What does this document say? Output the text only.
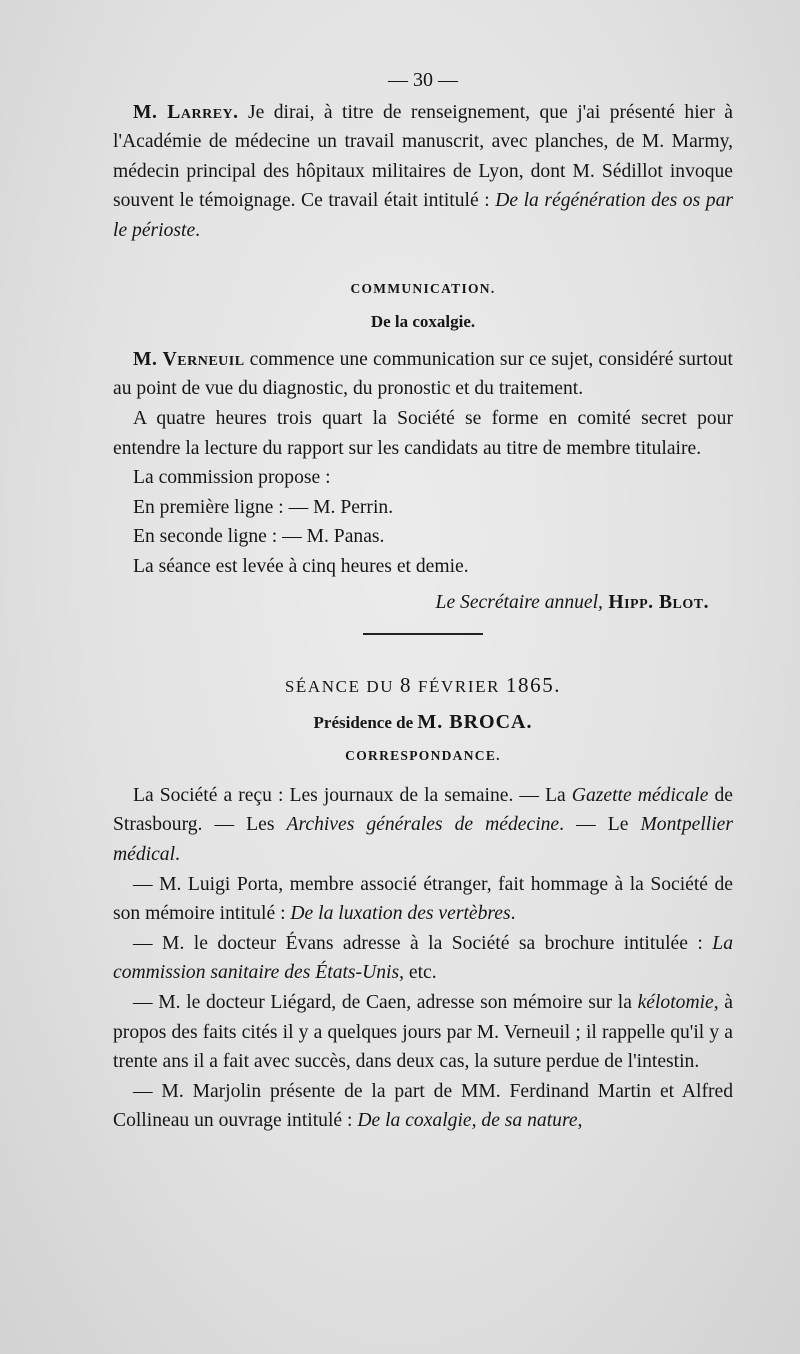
— 30 —

M. Larrey. Je dirai, à titre de renseignement, que j'ai présenté hier à l'Académie de médecine un travail manuscrit, avec planches, de M. Marmy, médecin principal des hôpitaux militaires de Lyon, dont M. Sédillot invoque souvent le témoignage. Ce travail était intitulé : De la régénération des os par le périoste.

COMMUNICATION.

De la coxalgie.

M. Verneuil commence une communication sur ce sujet, considéré surtout au point de vue du diagnostic, du pronostic et du traitement.

A quatre heures trois quart la Société se forme en comité secret pour entendre la lecture du rapport sur les candidats au titre de membre titulaire.

La commission propose :

En première ligne : — M. Perrin.

En seconde ligne : — M. Panas.

La séance est levée à cinq heures et demie.

Le Secrétaire annuel, Hipp. Blot.

SÉANCE DU 8 FÉVRIER 1865.

Présidence de M. BROCA.

CORRESPONDANCE.

La Société a reçu : Les journaux de la semaine. — La Gazette médicale de Strasbourg. — Les Archives générales de médecine. — Le Montpellier médical.

— M. Luigi Porta, membre associé étranger, fait hommage à la Société de son mémoire intitulé : De la luxation des vertèbres.

— M. le docteur Évans adresse à la Société sa brochure intitulée : La commission sanitaire des États-Unis, etc.

— M. le docteur Liégard, de Caen, adresse son mémoire sur la kélotomie, à propos des faits cités il y a quelques jours par M. Verneuil ; il rappelle qu'il y a trente ans il a fait avec succès, dans deux cas, la suture perdue de l'intestin.

— M. Marjolin présente de la part de MM. Ferdinand Martin et Alfred Collineau un ouvrage intitulé : De la coxalgie, de sa nature,
